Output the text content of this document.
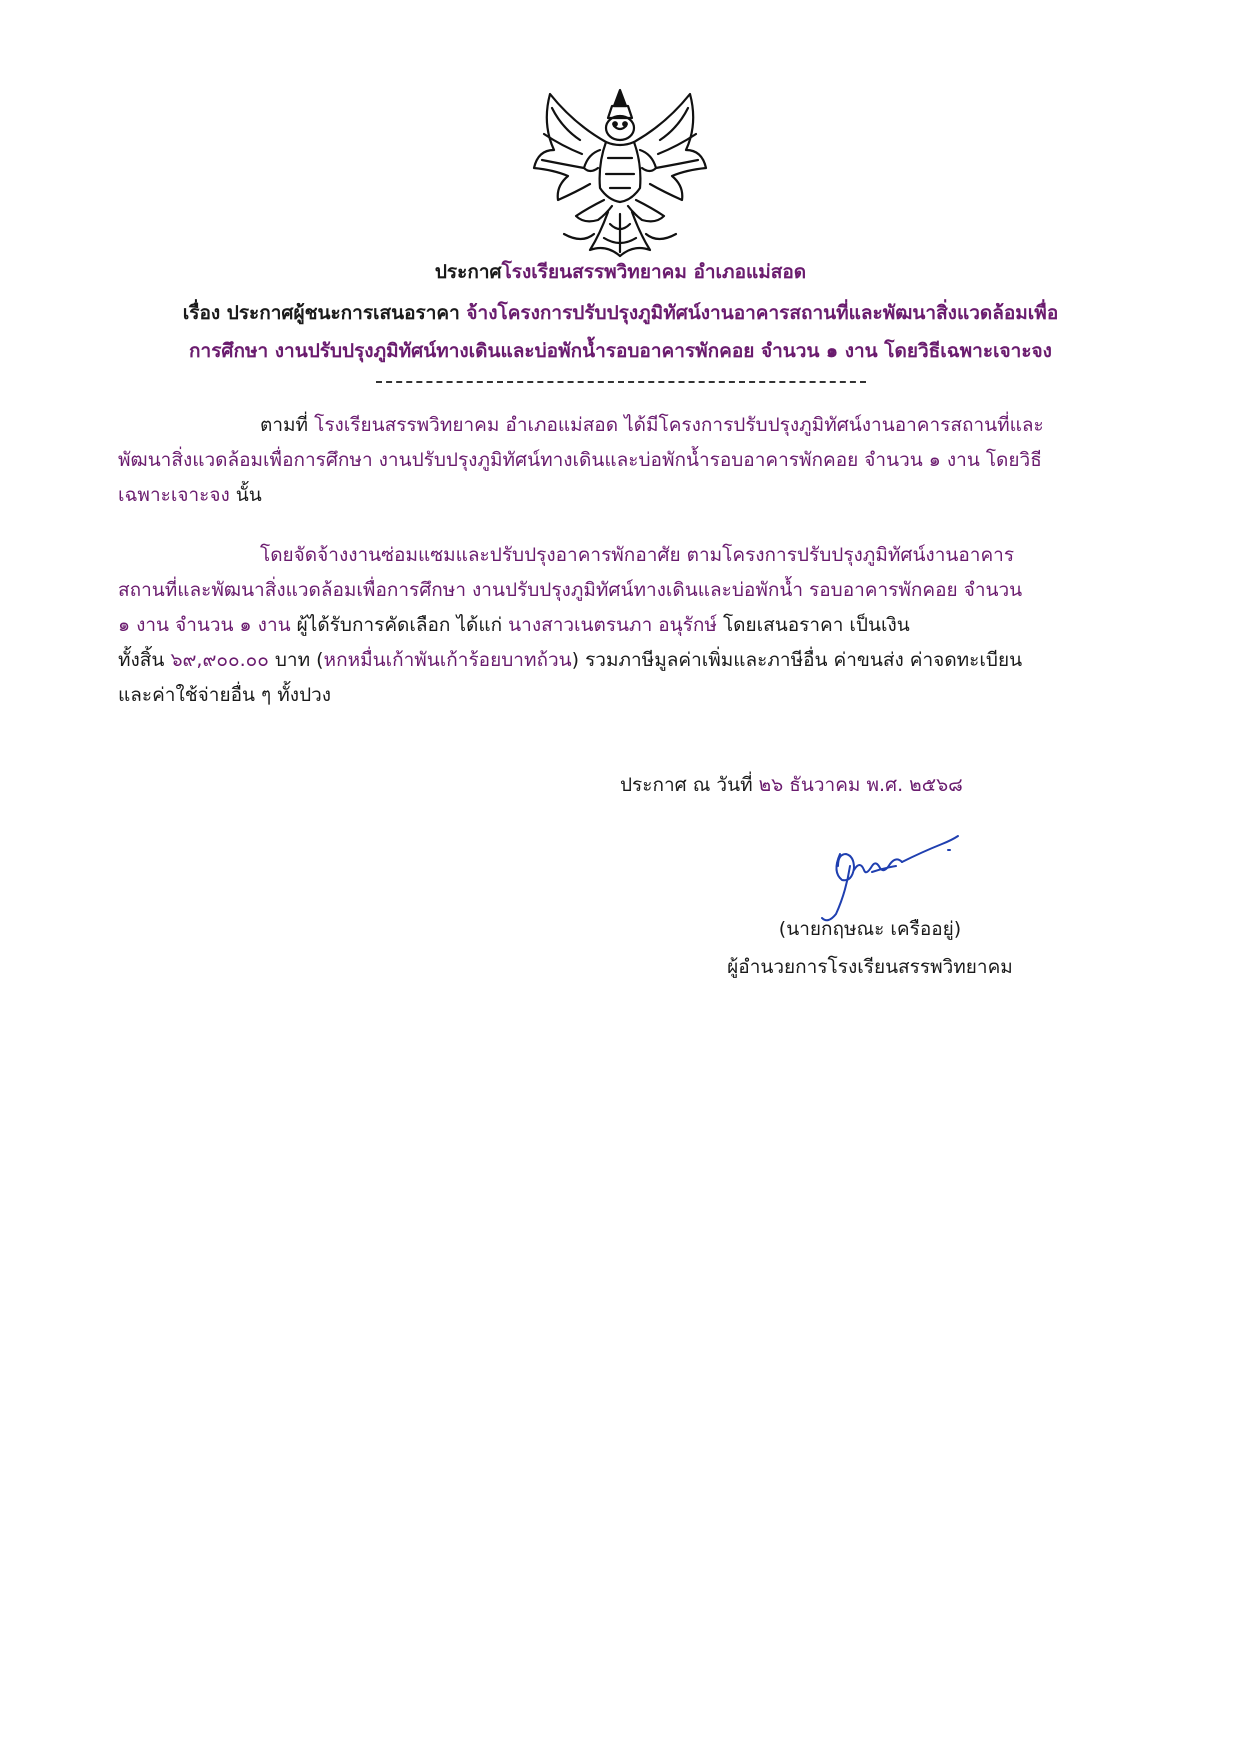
ประกาศโรงเรียนสรรพวิทยาคม อำเภอแม่สอด
เรื่อง ประกาศผู้ชนะการเสนอราคา จ้างโครงการปรับปรุงภูมิทัศน์งานอาคารสถานที่และพัฒนาสิ่งแวดล้อมเพื่อ
การศึกษา งานปรับปรุงภูมิทัศน์ทางเดินและบ่อพักน้ำรอบอาคารพักคอย จำนวน ๑ งาน โดยวิธีเฉพาะเจาะจง
ตามที่ โรงเรียนสรรพวิทยาคม อำเภอแม่สอด ได้มีโครงการปรับปรุงภูมิทัศน์งานอาคารสถานที่และ
พัฒนาสิ่งแวดล้อมเพื่อการศึกษา งานปรับปรุงภูมิทัศน์ทางเดินและบ่อพักน้ำรอบอาคารพักคอย จำนวน ๑ งาน โดยวิธี
เฉพาะเจาะจง นั้น
โดยจัดจ้างงานซ่อมแซมและปรับปรุงอาคารพักอาศัย ตามโครงการปรับปรุงภูมิทัศน์งานอาคาร
สถานที่และพัฒนาสิ่งแวดล้อมเพื่อการศึกษา งานปรับปรุงภูมิทัศน์ทางเดินและบ่อพักน้ำ รอบอาคารพักคอย จำนวน
๑ งาน จำนวน ๑ งาน ผู้ได้รับการคัดเลือก ได้แก่ นางสาวเนตรนภา อนุรักษ์ โดยเสนอราคา เป็นเงิน
ทั้งสิ้น ๖๙,๙๐๐.๐๐ บาท (หกหมื่นเก้าพันเก้าร้อยบาทถ้วน) รวมภาษีมูลค่าเพิ่มและภาษีอื่น ค่าขนส่ง ค่าจดทะเบียน
และค่าใช้จ่ายอื่น ๆ ทั้งปวง
ประกาศ ณ วันที่ ๒๖ ธันวาคม พ.ศ. ๒๕๖๘
(นายกฤษณะ เครืออยู่)
ผู้อำนวยการโรงเรียนสรรพวิทยาคม
